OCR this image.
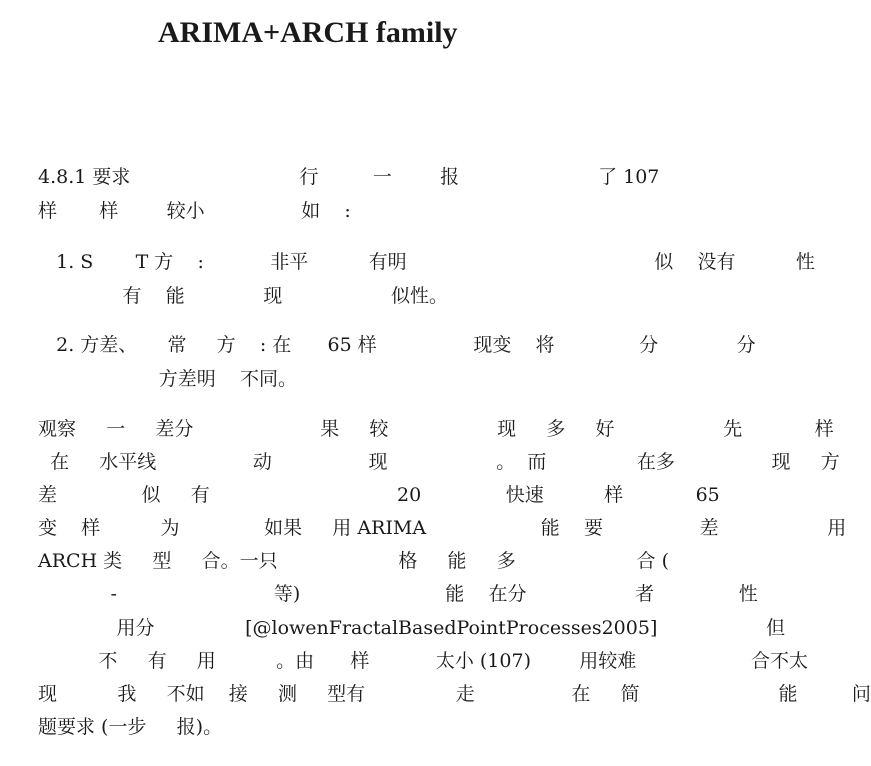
ARIMA+ARCH family
4.8.1 要求                            行         一        报                       了 107
样       样        较小                如    :
1. S       T 方    :           非平          有明                                         似    没有          性
有    能             现                  似性。
2. 方差、     常     方    : 在      65 样                现变    将              分             分
方差明    不同。
观察     一     差分                     果     较                  现     多     好                  先            样
在     水平线                动                现                  。  而               在多                现     方
差              似     有                               20              快速          样            65
变    样          为              如果     用 ARIMA                   能    要                差                  用
ARCH 类     型     合。一只                    格     能     多                    合 (
-                          等)                        能    在分                  者              性
用分               [@lowenFractalBasedPointProcesses2005]                  但
不     有     用          。由      样           太小 (107)        用较难                   合不太
现          我     不如    接     测     型有               走                在     简                       能         问
题要求 (一步     报)。
